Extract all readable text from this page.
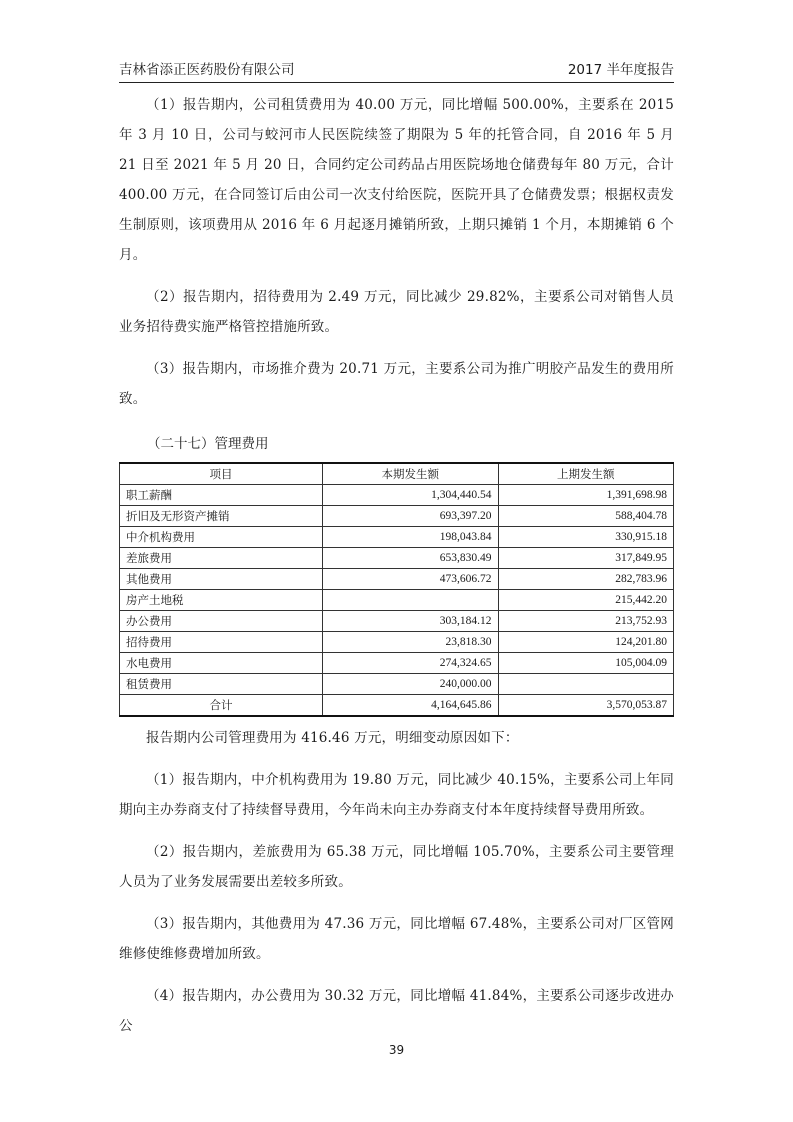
吉林省添正医药股份有限公司	2017 半年度报告

（1）报告期内，公司租赁费用为 40.00 万元，同比增幅 500.00%，主要系在 2015 年 3 月 10 日，公司与蛟河市人民医院续签了期限为 5 年的托管合同，自 2016 年 5 月 21 日至 2021 年 5 月 20 日，合同约定公司药品占用医院场地仓储费每年 80 万元，合计 400.00 万元，在合同签订后由公司一次支付给医院，医院开具了仓储费发票；根据权责发生制原则，该项费用从 2016 年 6 月起逐月摊销所致，上期只摊销 1 个月，本期摊销 6 个月。

（2）报告期内，招待费用为 2.49 万元，同比减少 29.82%，主要系公司对销售人员业务招待费实施严格管控措施所致。

（3）报告期内，市场推介费为 20.71 万元，主要系公司为推广明胶产品发生的费用所致。

（二十七）管理费用
项目	本期发生额	上期发生额
职工薪酬	1,304,440.54	1,391,698.98
折旧及无形资产摊销	693,397.20	588,404.78
中介机构费用	198,043.84	330,915.18
差旅费用	653,830.49	317,849.95
其他费用	473,606.72	282,783.96
房产土地税		215,442.20
办公费用	303,184.12	213,752.93
招待费用	23,818.30	124,201.80
水电费用	274,324.65	105,004.09
租赁费用	240,000.00	
合计	4,164,645.86	3,570,053.87

报告期内公司管理费用为 416.46 万元，明细变动原因如下：

（1）报告期内，中介机构费用为 19.80 万元，同比减少 40.15%，主要系公司上年同期向主办券商支付了持续督导费用，今年尚未向主办券商支付本年度持续督导费用所致。

（2）报告期内，差旅费用为 65.38 万元，同比增幅 105.70%，主要系公司主要管理人员为了业务发展需要出差较多所致。

（3）报告期内，其他费用为 47.36 万元，同比增幅 67.48%，主要系公司对厂区管网维修使维修费增加所致。

（4）报告期内，办公费用为 30.32 万元，同比增幅 41.84%，主要系公司逐步改进办公

39
